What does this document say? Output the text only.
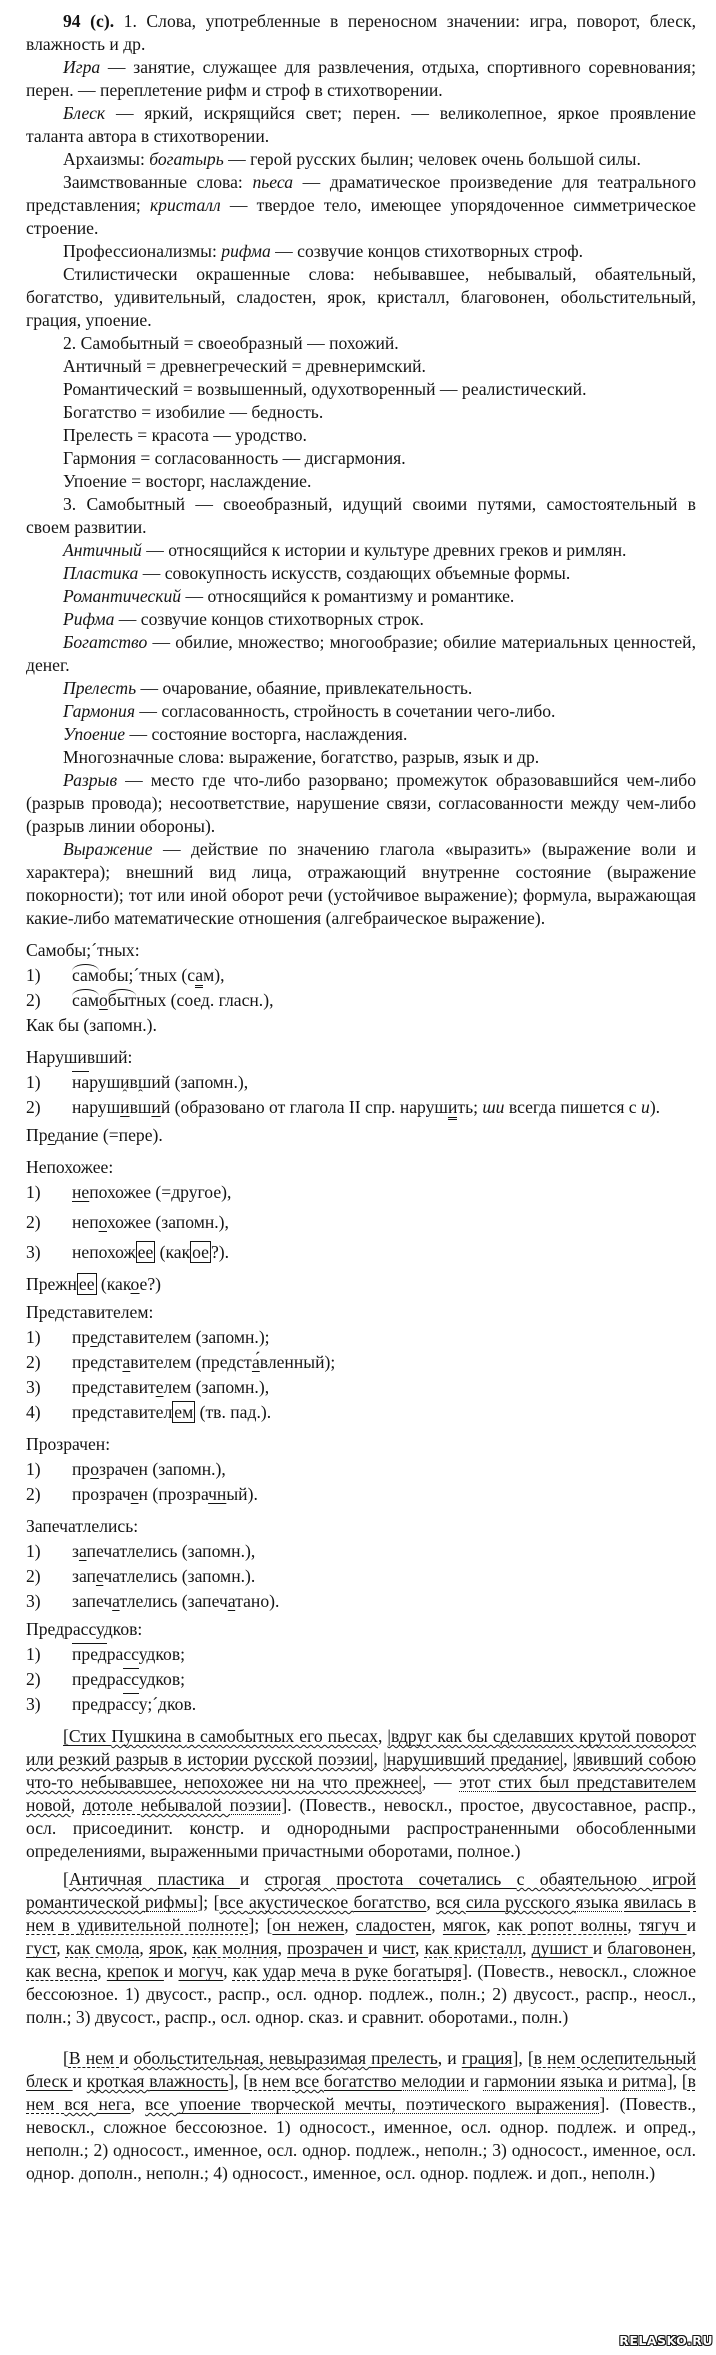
94 (с). 1. Слова, употребленные в переносном значении: игра, поворот, блеск, влажность и др.
Игра — занятие, служащее для развлечения, отдыха, спортивного соревнования; перен. — переплетение рифм и строф в стихотворении.
Блеск — яркий, искрящийся свет; перен. — великолепное, яркое проявление таланта автора в стихотворении.
Архаизмы: богатырь — герой русских былин; человек очень большой силы.
Заимствованные слова: пьеса — драматическое произведение для театрального представления; кристалл — твердое тело, имеющее упорядоченное симметрическое строение.
Профессионализмы: рифма — созвучие концов стихотворных строф.
Стилистически окрашенные слова: небывавшее, небывалый, обаятельный, богатство, удивительный, сладостен, ярок, кристалл, благовонен, обольстительный, грация, упоение.
2. Самобытный = своеобразный — похожий.
Античный = древнегреческий = древнеримский.
Романтический = возвышенный, одухотворенный — реалистический.
Богатство = изобилие — бедность.
Прелесть = красота — уродство.
Гармония = согласованность — дисгармония.
Упоение = восторг, наслаждение.
3. Самобытный — своеобразный, идущий своими путями, самостоятельный в своем развитии.
Античный — относящийся к истории и культуре древних греков и римлян.
Пластика — совокупность искусств, создающих объемные формы.
Романтический — относящийся к романтизму и романтике.
Рифма — созвучие концов стихотворных строк.
Богатство — обилие, множество; многообразие; обилие материальных ценностей, денег.
Прелесть — очарование, обаяние, привлекательность.
Гармония — согласованность, стройность в сочетании чего-либо.
Упоение — состояние восторга, наслаждения.
Многозначные слова: выражение, богатство, разрыв, язык и др.
Разрыв — место где что-либо разорвано; промежуток образовавшийся чем-либо (разрыв провода); несоответствие, нарушение связи, согласованности между чем-либо (разрыв линии обороны).
Выражение — действие по значению глагола «выразить» (выражение воли и характера); внешний вид лица, отражающий внутренне состояние (выражение покорности); тот или иной оборот речи (устойчивое выражение); формула, выражающая какие-либо математические отношения (алгебраическое выражение).
Самобы;´тных:
1)	самобы;´тных (сам),
2)	самобытных (соед. гласн.),
Как бы (запомн.).
Нарушивший:
1)	нарушивший (запомн.),
2)	наруши ˆвш ˆий (образовано от глагола II спр. нарушить; ши всегда пишется с и).
Предание (=пере).
Непохожее:
1)	непохожее (=другое),
2)	непохожее (запомн.),
3)	непохож ее (как ое ?).
Прежн ее (какое?)
Представителем:
1)	представителем (запомн.);
2)	представителем (предста́вленный);
3)	представителем (запомн.),
4)	представител ем (тв. пад.).
Прозрачен:
1)	прозрачен (запомн.),
2)	прозрачен (прозрачный).
Запечатлелись:
1)	запечатлелись (запомн.),
2)	запечатлелись (запомн.).
3)	запечатлелись (запечатано).
Предрассудков:
1)	предрассудков;
2)	предрассудков;
3)	предрассу;´дков.
[Стих Пушкина в самобытных его пьесах, |вдруг как бы сделавших крутой поворот или резкий разрыв в истории русской поэзии|, |нарушивший предание|, |явивший собою что-то небывавшее, непохожее ни на что прежнее|, — этот стих был представителем новой, дотоле небывалой поэзии]. (Повеств., невоскл., простое, двусоставное, распр., осл. присоединит. констр. и однородными распространенными обособленными определениями, выраженными причастными оборотами, полное.)
[Античная пластика и строгая простота сочетались с обаятельною игрой романтической рифмы]; [все акустическое богатство, вся сила русского языка явилась в нем в удивительной полноте]; [он нежен, сладостен, мягок, как ропот волны, тягуч и густ, как смола, ярок, как молния, прозрачен и чист, как кристалл, душист и благовонен, как весна, крепок и могуч, как удар меча в руке богатыря]. (Повеств., невоскл., сложное бессоюзное. 1) двусост., распр., осл. однор. подлеж., полн.; 2) двусост., распр., неосл., полн.; 3) двусост., распр., осл. однор. сказ. и сравнит. оборотами., полн.)
[В нем и обольстительная, невыразимая прелесть, и грация], [в нем ослепительный блеск и кроткая влажность], [в нем все богатство мелодии и гармонии языка и ритма], [в нем вся нега, все упоение творческой мечты, поэтического выражения]. (Повеств., невоскл., сложное бессоюзное. 1) односост., именное, осл. однор. подлеж. и опред., неполн.; 2) односост., именное, осл. однор. подлеж., неполн.; 3) односост., именное, осл. однор. дополн., неполн.; 4) односост., именное, осл. однор. подлеж. и доп., неполн.)
RELASKO.RU
